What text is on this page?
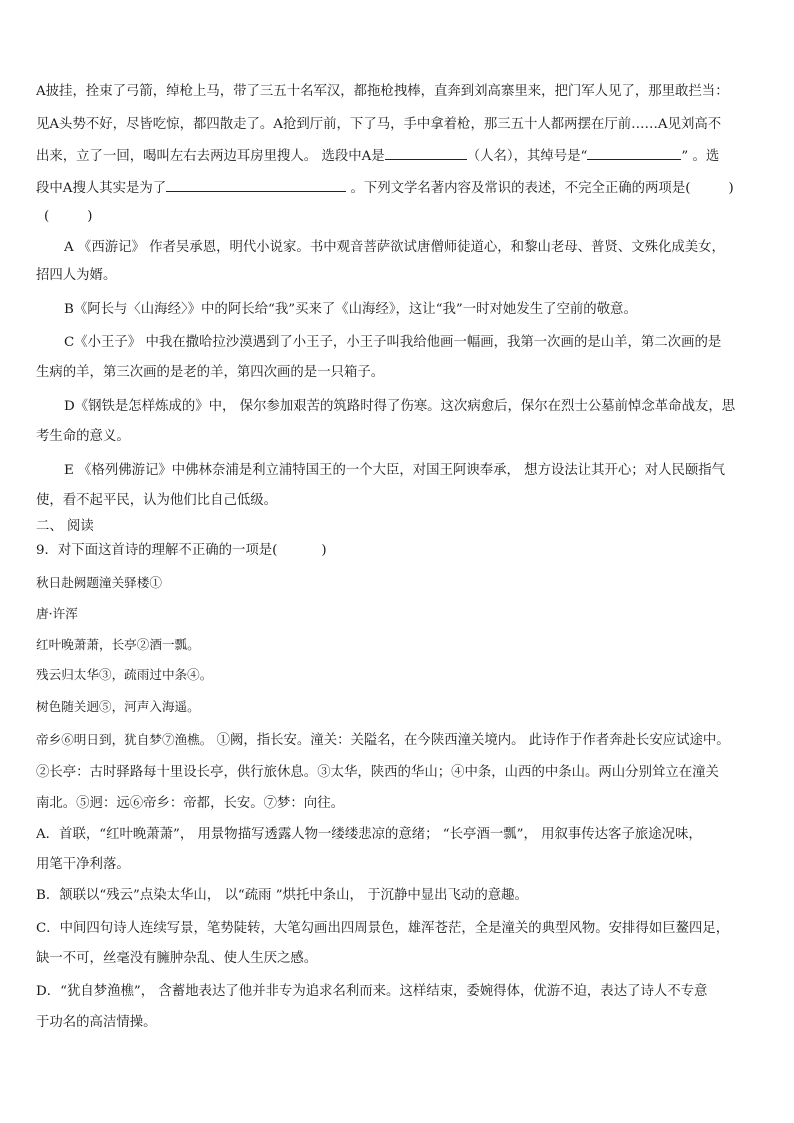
A披挂，拴束了弓箭，绰枪上马，带了三五十名军汉，都拖枪拽棒，直奔到刘高寨里来，把门军人见了，那里敢拦当：
见A头势不好，尽皆吃惊，都四散走了。A抢到厅前，下了马，手中拿着枪，那三五十人都两摆在厅前……A见刘高不
出来，立了一回，喝叫左右去两边耳房里搜人。 选段中A是	（人名），其绰号是“	” 。选
段中A搜人其实是为了	。下列文学名著内容及常识的表述，不完全正确的两项是(	)
(	)
A 《西游记》 作者吴承恩，明代小说家。书中观音菩萨欲试唐僧师徒道心，和黎山老母、普贤、文殊化成美女，
招四人为婿。
B《阿长与〈山海经〉》中的阿长给“我”买来了《山海经》，这让“我”一时对她发生了空前的敬意。
C《小王子》 中我在撒哈拉沙漠遇到了小王子，小王子叫我给他画一幅画，我第一次画的是山羊，第二次画的是
生病的羊，第三次画的是老的羊，第四次画的是一只箱子。
D《钢铁是怎样炼成的》中， 保尔参加艰苦的筑路时得了伤寒。这次病愈后，保尔在烈士公墓前悼念革命战友，思
考生命的意义。
E 《格列佛游记》中佛林奈浦是利立浦特国王的一个大臣，对国王阿谀奉承， 想方设法让其开心；对人民颐指气
使，看不起平民，认为他们比自己低级。
二、 阅读
9．对下面这首诗的理解不正确的一项是(	)
秋日赴阙题潼关驿楼①
唐·许浑
红叶晚萧萧，长亭②酒一瓢。
残云归太华③，疏雨过中条④。
树色随关迥⑤，河声入海遥。
帝乡⑥明日到，犹自梦⑦渔樵。 ①阙，指长安。潼关：关隘名，在今陕西潼关境内。 此诗作于作者奔赴长安应试途中。
②长亭：古时驿路每十里设长亭，供行旅休息。③太华，陕西的华山；④中条，山西的中条山。两山分别耸立在潼关
南北。⑤迥：远⑥帝乡：帝都，长安。⑦梦：向往。
A．首联，“红叶晚萧萧”， 用景物描写透露人物一缕缕悲凉的意绪； “长亭酒一瓢”， 用叙事传达客子旅途况味，
用笔干净利落。
B．颔联以“残云”点染太华山， 以“疏雨 ”烘托中条山， 于沉静中显出飞动的意趣。
C．中间四句诗人连续写景，笔势陡转，大笔勾画出四周景色，雄浑苍茫，全是潼关的典型风物。安排得如巨鳌四足，
缺一不可，丝毫没有臃肿杂乱、使人生厌之感。
D．“犹自梦渔樵”， 含蓄地表达了他并非专为追求名利而来。这样结束，委婉得体，优游不迫，表达了诗人不专意
于功名的高洁情操。
